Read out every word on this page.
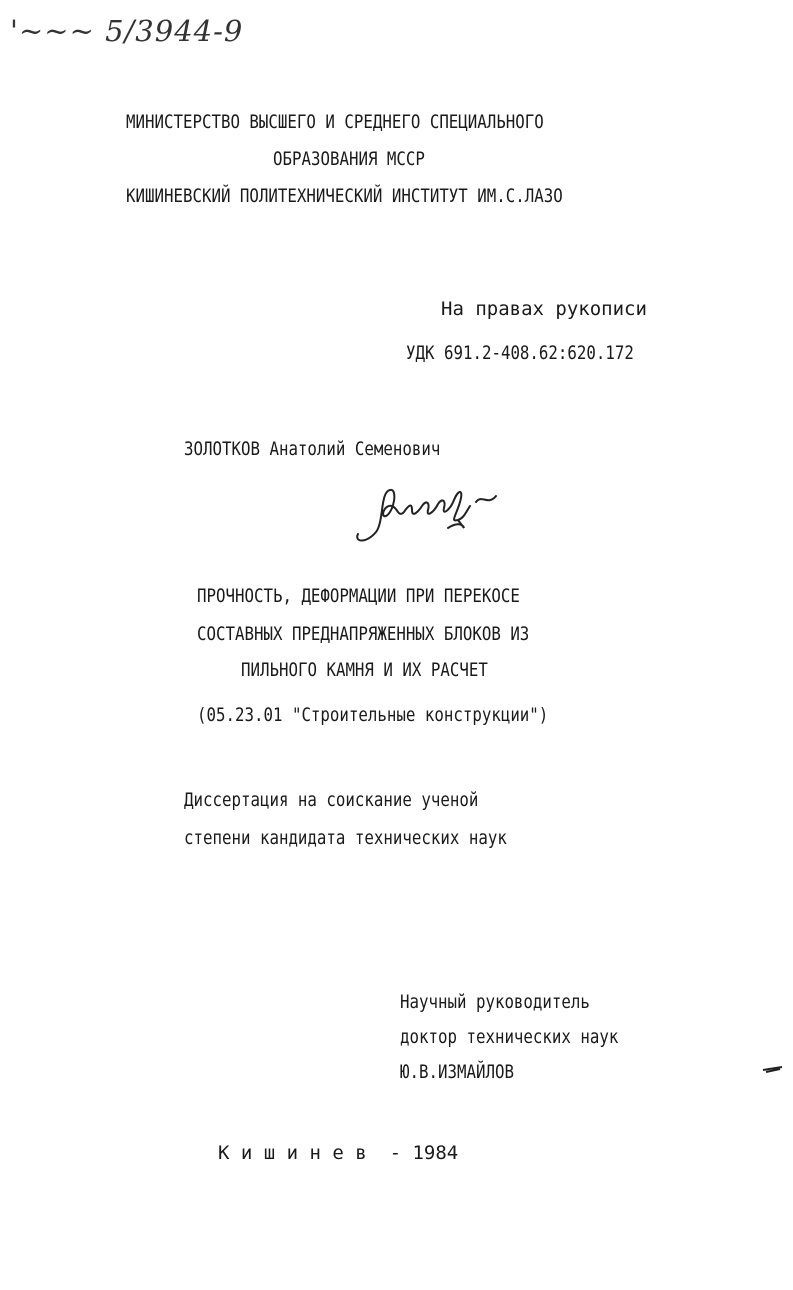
'~~~ 5/3944-9
МИНИСТЕРСТВО ВЫСШЕГО И СРЕДНЕГО СПЕЦИАЛЬНОГО
ОБРАЗОВАНИЯ МССР
КИШИНЕВСКИЙ ПОЛИТЕХНИЧЕСКИЙ ИНСТИТУТ ИМ.С.ЛАЗО
На правах рукописи
УДК 691.2-408.62:620.172
ЗОЛОТКОВ Анатолий Семенович
ПРОЧНОСТЬ, ДЕФОРМАЦИИ ПРИ ПЕРЕКОСЕ
СОСТАВНЫХ ПРЕДНАПРЯЖЕННЫХ БЛОКОВ ИЗ
ПИЛЬНОГО КАМНЯ И ИХ РАСЧЕТ
(05.23.01 "Строительные конструкции")
Диссертация на соискание ученой
степени кандидата технических наук
Научный руководитель
доктор технических наук
Ю.В.ИЗМАЙЛОВ
К и ш и н е в  - 1984
